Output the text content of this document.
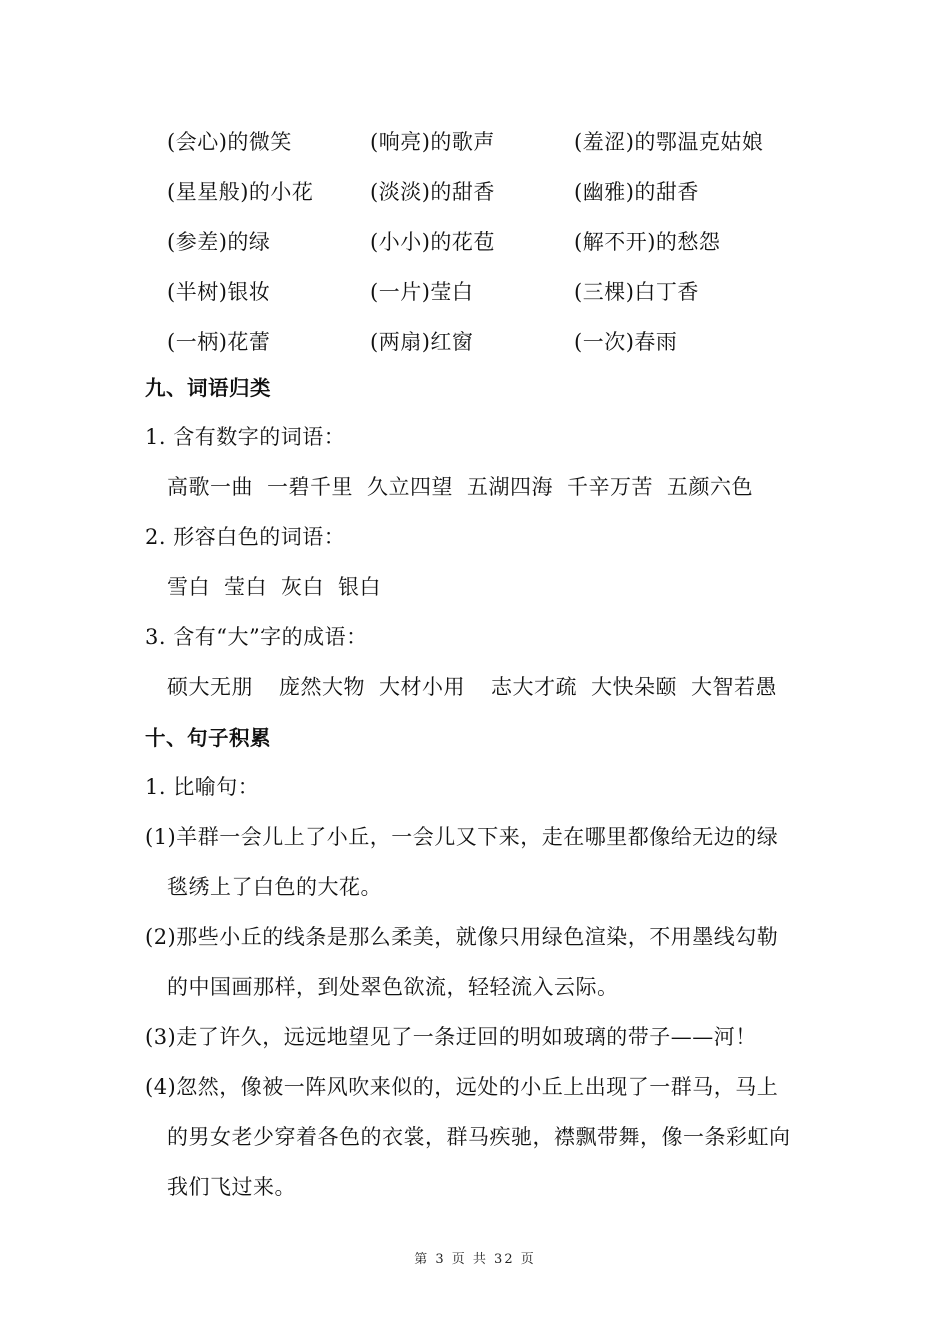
(会心)的微笑	(响亮)的歌声	(羞涩)的鄂温克姑娘
(星星般)的小花	(淡淡)的甜香	(幽雅)的甜香
(参差)的绿	(小小)的花苞	(解不开)的愁怨
(半树)银妆	(一片)莹白	(三棵)白丁香
(一柄)花蕾	(两扇)红窗	(一次)春雨
九、词语归类
1. 含有数字的词语：
高歌一曲 一碧千里 久立四望 五湖四海 千辛万苦 五颜六色
2. 形容白色的词语：
雪白 莹白 灰白 银白
3. 含有“大”字的成语：
硕大无朋 庞然大物 大材小用 志大才疏 大快朵颐 大智若愚
十、句子积累
1. 比喻句：
(1)羊群一会儿上了小丘，一会儿又下来，走在哪里都像给无边的绿
毯绣上了白色的大花。
(2)那些小丘的线条是那么柔美，就像只用绿色渲染，不用墨线勾勒
的中国画那样，到处翠色欲流，轻轻流入云际。
(3)走了许久，远远地望见了一条迂回的明如玻璃的带子——河！
(4)忽然，像被一阵风吹来似的，远处的小丘上出现了一群马，马上
的男女老少穿着各色的衣裳，群马疾驰，襟飘带舞，像一条彩虹向
我们飞过来。
第 3 页 共 32 页
